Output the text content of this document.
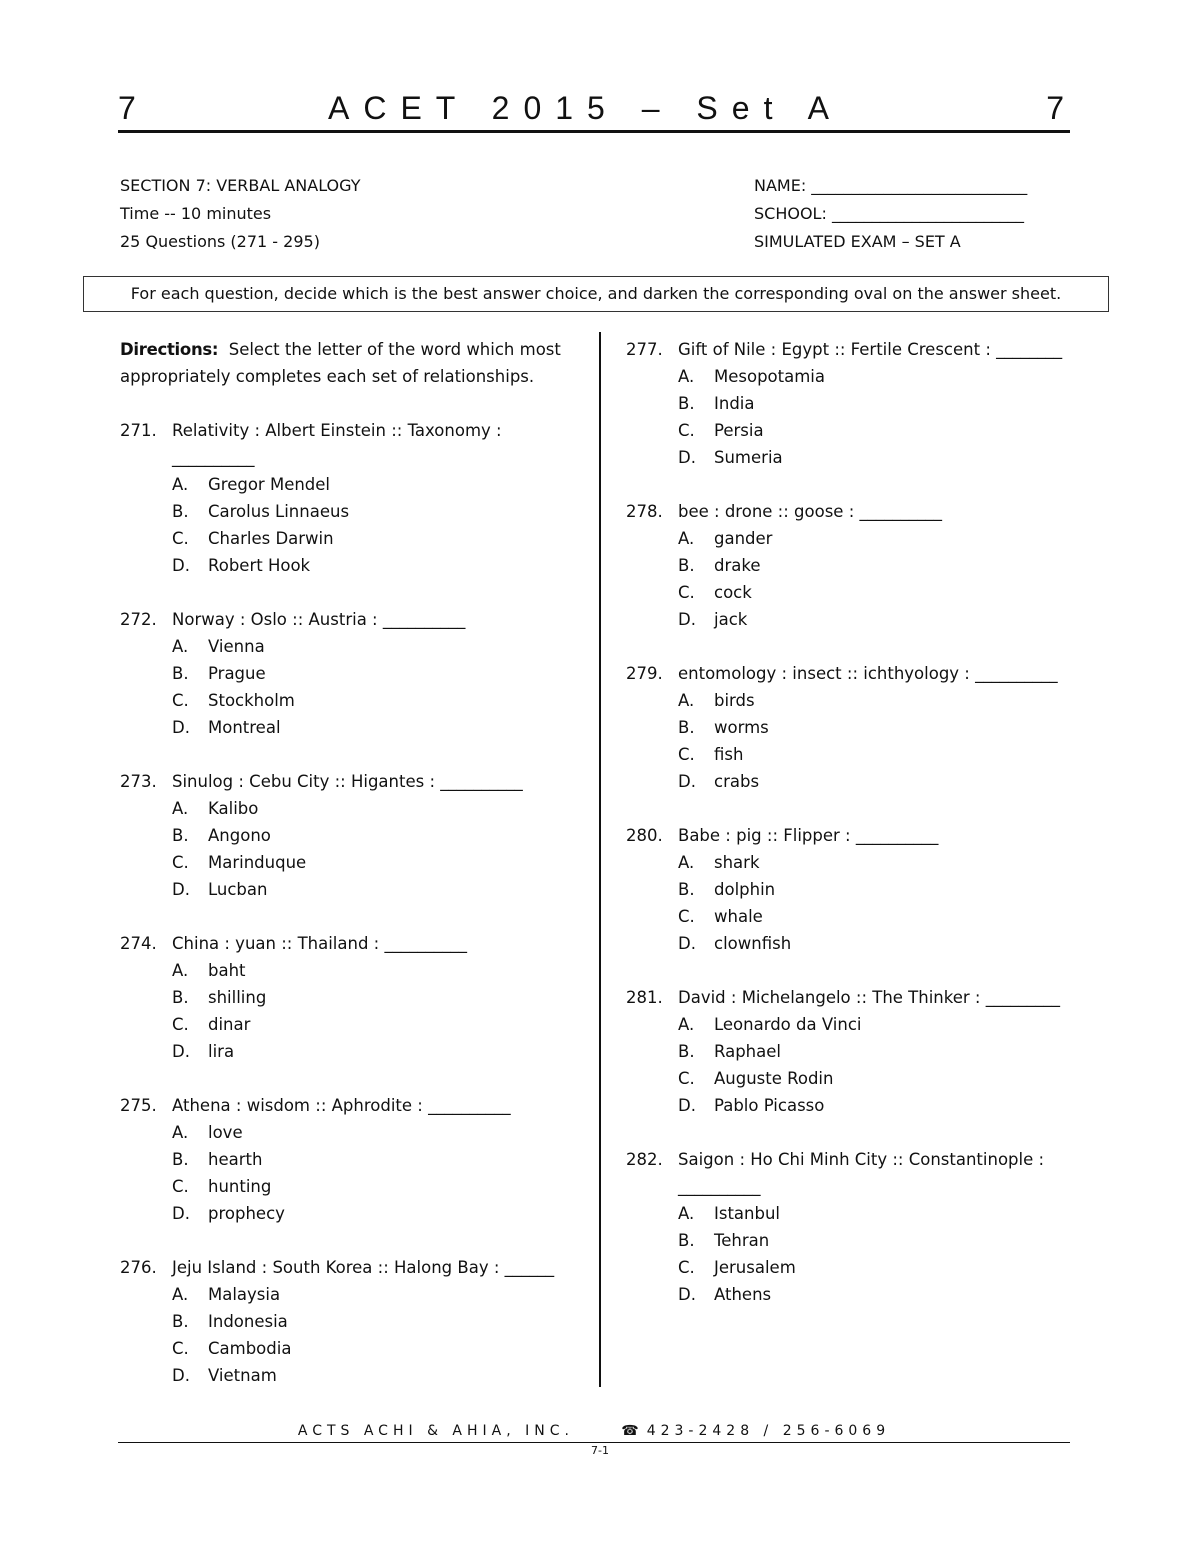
7	ACET 2015 – Set A	7
SECTION 7: VERBAL ANALOGY
Time -- 10 minutes
25 Questions (271 - 295)
NAME: ___________________________
SCHOOL: ________________________
SIMULATED EXAM – SET A
For each question, decide which is the best answer choice, and darken the corresponding oval on the answer sheet.
Directions: Select the letter of the word which most appropriately completes each set of relationships.
271. Relativity : Albert Einstein :: Taxonomy : __________
A.	Gregor Mendel
B.	Carolus Linnaeus
C.	Charles Darwin
D.	Robert Hook
272. Norway : Oslo :: Austria : __________
A.	Vienna
B.	Prague
C.	Stockholm
D.	Montreal
273. Sinulog : Cebu City :: Higantes : __________
A.	Kalibo
B.	Angono
C.	Marinduque
D.	Lucban
274. China : yuan :: Thailand : __________
A.	baht
B.	shilling
C.	dinar
D.	lira
275. Athena : wisdom :: Aphrodite : __________
A.	love
B.	hearth
C.	hunting
D.	prophecy
276. Jeju Island : South Korea :: Halong Bay : ______
A.	Malaysia
B.	Indonesia
C.	Cambodia
D.	Vietnam
277. Gift of Nile : Egypt :: Fertile Crescent : ________
A.	Mesopotamia
B.	India
C.	Persia
D.	Sumeria
278. bee : drone :: goose : __________
A.	gander
B.	drake
C.	cock
D.	jack
279. entomology : insect :: ichthyology : __________
A.	birds
B.	worms
C.	fish
D.	crabs
280. Babe : pig :: Flipper : __________
A.	shark
B.	dolphin
C.	whale
D.	clownfish
281. David : Michelangelo :: The Thinker : _________
A.	Leonardo da Vinci
B.	Raphael
C.	Auguste Rodin
D.	Pablo Picasso
282. Saigon : Ho Chi Minh City :: Constantinople : __________
A.	Istanbul
B.	Tehran
C.	Jerusalem
D.	Athens
ACTS ACHI & AHIA, INC.	☎ 423-2428 / 256-6069
7-1
